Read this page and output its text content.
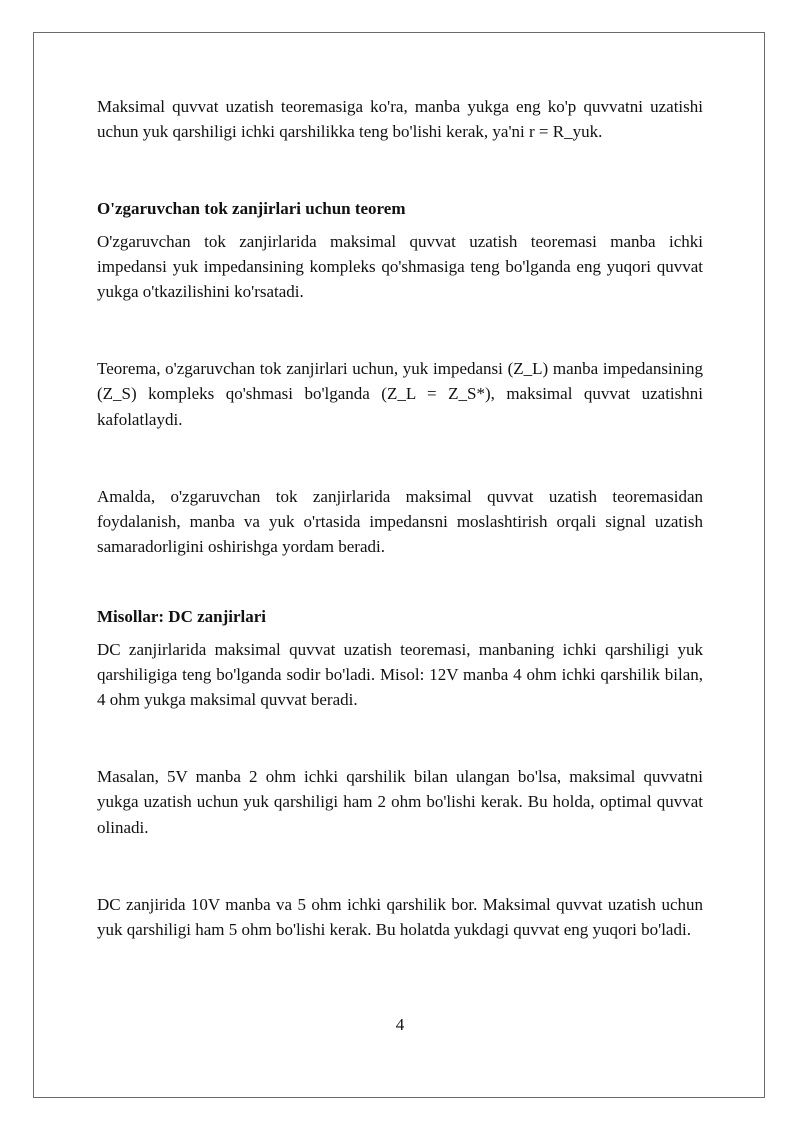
Maksimal quvvat uzatish teoremasiga ko'ra, manba yukga eng ko'p quvvatni uzatishi uchun yuk qarshiligi ichki qarshilikka teng bo'lishi kerak, ya'ni r = R_yuk.

O'zgaruvchan tok zanjirlari uchun teorem

O'zgaruvchan tok zanjirlarida maksimal quvvat uzatish teoremasi manba ichki impedansi yuk impedansining kompleks qo'shmasiga teng bo'lganda eng yuqori quvvat yukga o'tkazilishini ko'rsatadi.

Teorema, o'zgaruvchan tok zanjirlari uchun, yuk impedansi (Z_L) manba impedansining (Z_S) kompleks qo'shmasi bo'lganda (Z_L = Z_S*), maksimal quvvat uzatishni kafolatlaydi.

Amalda, o'zgaruvchan tok zanjirlarida maksimal quvvat uzatish teoremasidan foydalanish, manba va yuk o'rtasida impedansni moslashtirish orqali signal uzatish samaradorligini oshirishga yordam beradi.

Misollar: DC zanjirlari

DC zanjirlarida maksimal quvvat uzatish teoremasi, manbaning ichki qarshiligi yuk qarshiligiga teng bo'lganda sodir bo'ladi. Misol: 12V manba 4 ohm ichki qarshilik bilan, 4 ohm yukga maksimal quvvat beradi.

Masalan, 5V manba 2 ohm ichki qarshilik bilan ulangan bo'lsa, maksimal quvvatni yukga uzatish uchun yuk qarshiligi ham 2 ohm bo'lishi kerak. Bu holda, optimal quvvat olinadi.

DC zanjirida 10V manba va 5 ohm ichki qarshilik bor. Maksimal quvvat uzatish uchun yuk qarshiligi ham 5 ohm bo'lishi kerak. Bu holatda yukdagi quvvat eng yuqori bo'ladi.

4
